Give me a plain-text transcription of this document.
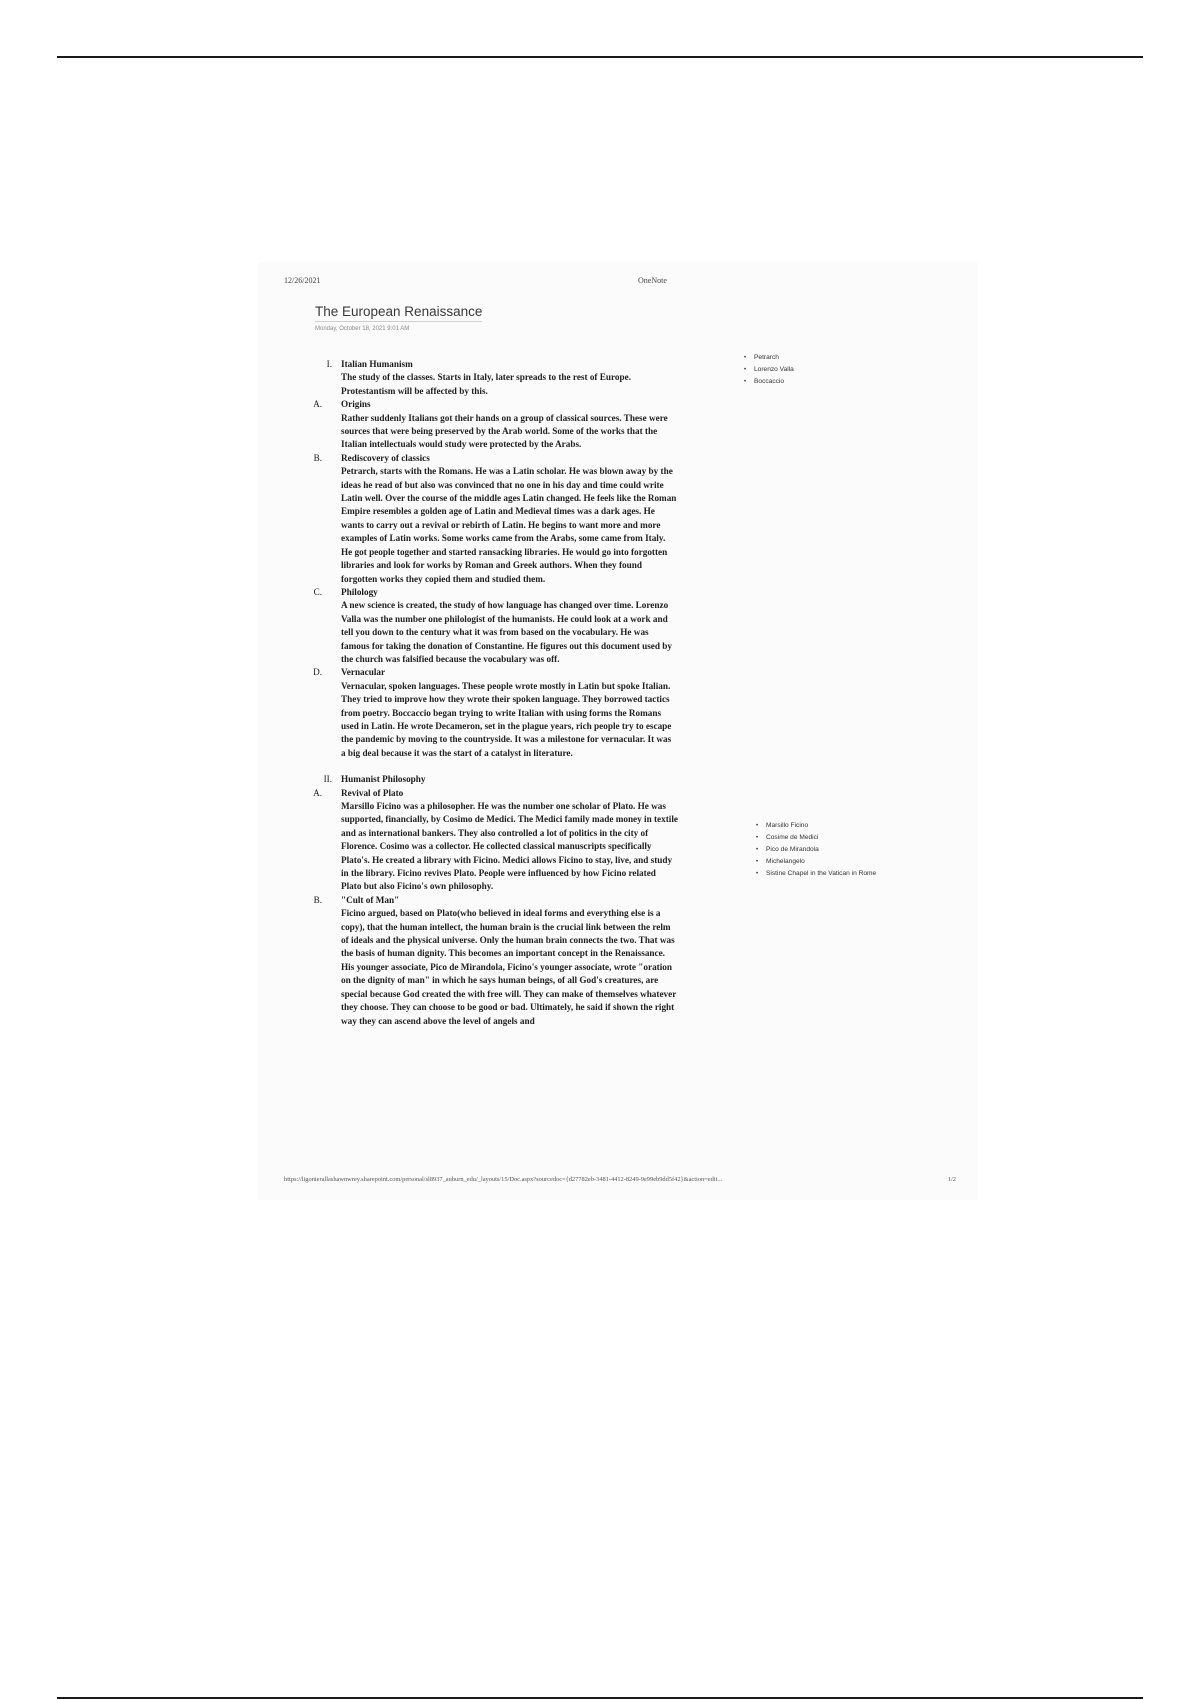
12/26/2021	OneNote
The European Renaissance
Monday, October 18, 2021 9:01 AM
I. Italian Humanism
The study of the classes. Starts in Italy, later spreads to the rest of Europe. Protestantism will be affected by this.
A. Origins
Rather suddenly Italians got their hands on a group of classical sources. These were sources that were being preserved by the Arab world. Some of the works that the Italian intellectuals would study were protected by the Arabs.
B. Rediscovery of classics
Petrarch, starts with the Romans. He was a Latin scholar. He was blown away by the ideas he read of but also was convinced that no one in his day and time could write Latin well. Over the course of the middle ages Latin changed. He feels like the Roman Empire resembles a golden age of Latin and Medieval times was a dark ages. He wants to carry out a revival or rebirth of Latin. He begins to want more and more examples of Latin works. Some works came from the Arabs, some came from Italy. He got people together and started ransacking libraries. He would go into forgotten libraries and look for works by Roman and Greek authors. When they found forgotten works they copied them and studied them.
C. Philology
A new science is created, the study of how language has changed over time. Lorenzo Valla was the number one philologist of the humanists. He could look at a work and tell you down to the century what it was from based on the vocabulary. He was famous for taking the donation of Constantine. He figures out this document used by the church was falsified because the vocabulary was off.
D. Vernacular
Vernacular, spoken languages. These people wrote mostly in Latin but spoke Italian. They tried to improve how they wrote their spoken language. They borrowed tactics from poetry. Boccaccio began trying to write Italian with using forms the Romans used in Latin. He wrote Decameron, set in the plague years, rich people try to escape the pandemic by moving to the countryside. It was a milestone for vernacular. It was a big deal because it was the start of a catalyst in literature.
II. Humanist Philosophy
A. Revival of Plato
Marsillo Ficino was a philosopher. He was the number one scholar of Plato. He was supported, financially, by Cosimo de Medici. The Medici family made money in textile and as international bankers. They also controlled a lot of politics in the city of Florence. Cosimo was a collector. He collected classical manuscripts specifically Plato's. He created a library with Ficino. Medici allows Ficino to stay, live, and study in the library. Ficino revives Plato. People were influenced by how Ficino related Plato but also Ficino's own philosophy.
B. "Cult of Man"
Ficino argued, based on Plato(who believed in ideal forms and everything else is a copy), that the human intellect, the human brain is the crucial link between the relm of ideals and the physical universe. Only the human brain connects the two. That was the basis of human dignity. This becomes an important concept in the Renaissance. His younger associate, Pico de Mirandola, Ficino's younger associate, wrote "oration on the dignity of man" in which he says human beings, of all God's creatures, are special because God created the with free will. They can make of themselves whatever they choose. They can choose to be good or bad. Ultimately, he said if shown the right way they can ascend above the level of angels and
• Petrarch
• Lorenzo Valla
• Boccaccio
• Marsillo Ficino
• Cosime de Medici
• Pico de Mirandola
• Michelangelo
• Sistine Chapel in the Vatican in Rome
https://ligonierallashawnwrey.sharepoint.com/personal/sl8937_auburn_edu/_layouts/15/Doc.aspx?sourcedoc={d27782eb-3481-4412-8249-9e99eb9dd5f42}&action=edit...	1/2
